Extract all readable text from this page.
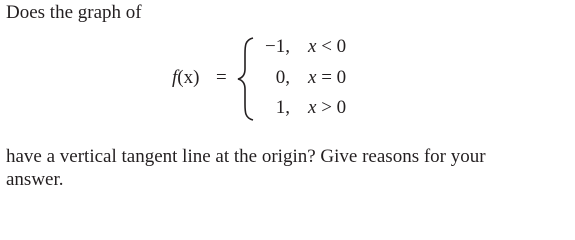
Does the graph of
f(x) =
−1, x < 0
0, x = 0
1, x > 0
have a vertical tangent line at the origin? Give reasons for your
answer.
